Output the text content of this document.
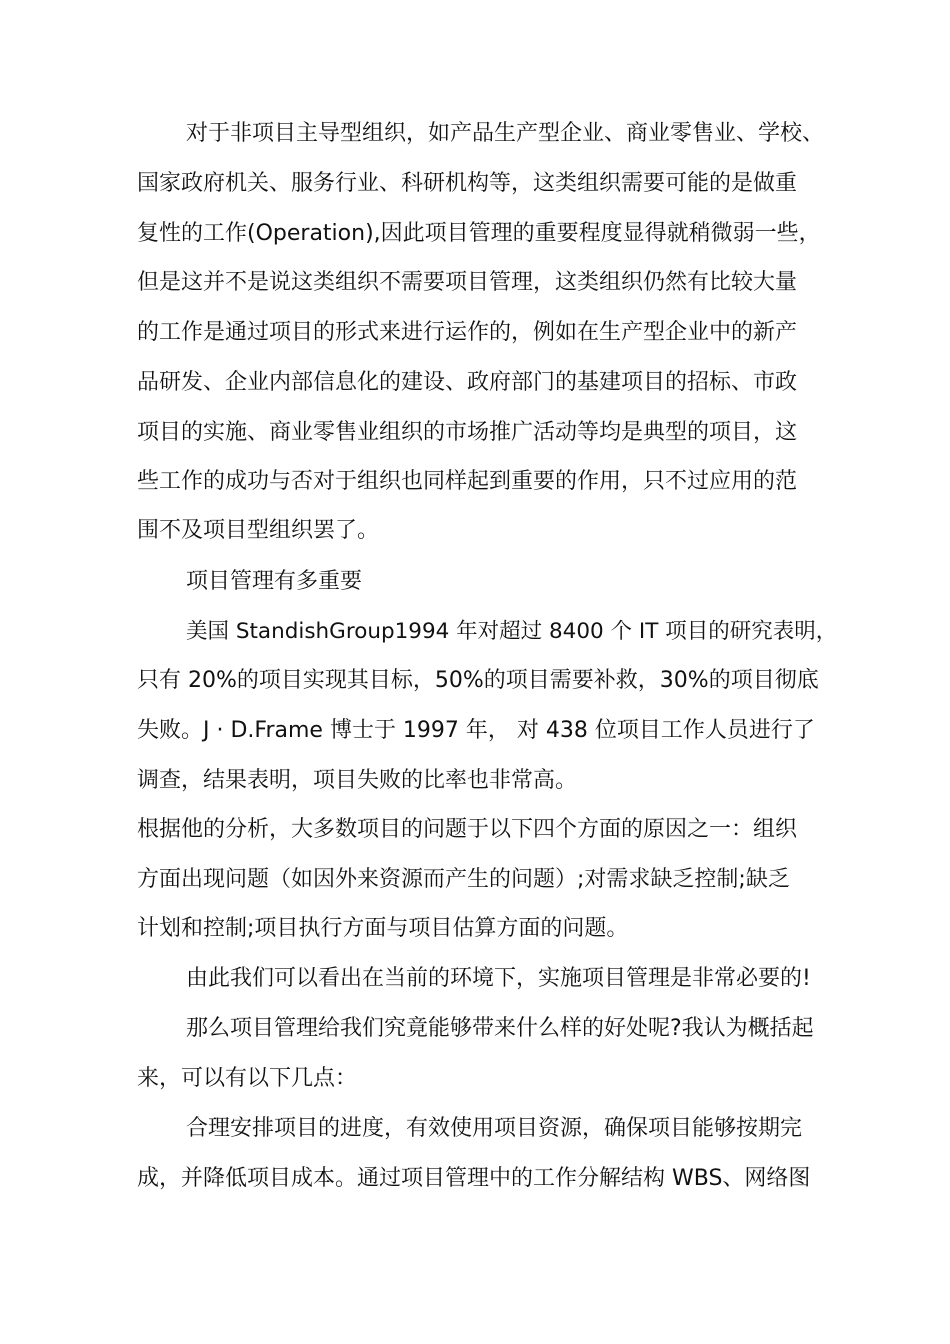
对于非项目主导型组织，如产品生产型企业、商业零售业、学校、
国家政府机关、服务行业、科研机构等，这类组织需要可能的是做重
复性的工作(Operation),因此项目管理的重要程度显得就稍微弱一些，
但是这并不是说这类组织不需要项目管理，这类组织仍然有比较大量
的工作是通过项目的形式来进行运作的，例如在生产型企业中的新产
品研发、企业内部信息化的建设、政府部门的基建项目的招标、市政
项目的实施、商业零售业组织的市场推广活动等均是典型的项目，这
些工作的成功与否对于组织也同样起到重要的作用，只不过应用的范
围不及项目型组织罢了。
项目管理有多重要
美国 StandishGroup1994 年对超过 8400 个 IT 项目的研究表明，
只有 20%的项目实现其目标，50%的项目需要补救，30%的项目彻底
失败。J · D.Frame 博士于 1997 年， 对 438 位项目工作人员进行了
调查，结果表明，项目失败的比率也非常高。
根据他的分析，大多数项目的问题于以下四个方面的原因之一：组织
方面出现问题（如因外来资源而产生的问题）;对需求缺乏控制;缺乏
计划和控制;项目执行方面与项目估算方面的问题。
由此我们可以看出在当前的环境下，实施项目管理是非常必要的!
那么项目管理给我们究竟能够带来什么样的好处呢?我认为概括起
来，可以有以下几点：
合理安排项目的进度，有效使用项目资源，确保项目能够按期完
成，并降低项目成本。通过项目管理中的工作分解结构 WBS、网络图
